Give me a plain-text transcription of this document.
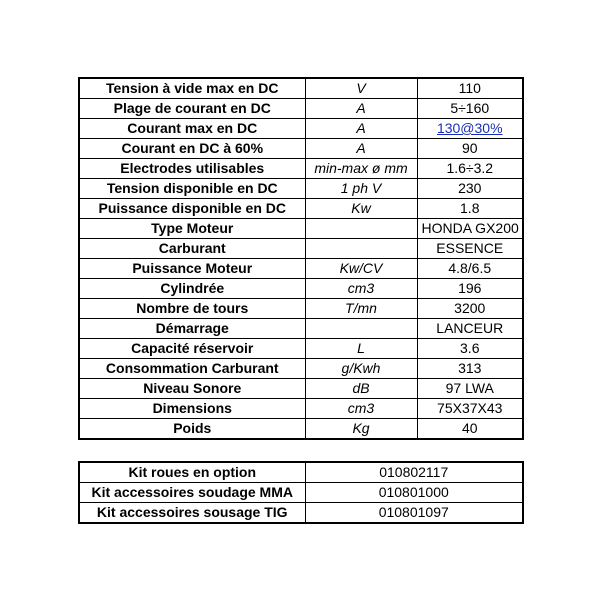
Tension à vide max en DC	V	110
Plage de courant en DC	A	5÷160
Courant max en DC	A	130@30%
Courant en DC à 60%	A	90
Electrodes utilisables	min-max ø mm	1.6÷3.2
Tension disponible en DC	1 ph V	230
Puissance disponible en DC	Kw	1.8
Type Moteur		HONDA GX200
Carburant		ESSENCE
Puissance Moteur	Kw/CV	4.8/6.5
Cylindrée	cm3	196
Nombre de tours	T/mn	3200
Démarrage		LANCEUR
Capacité réservoir	L	3.6
Consommation Carburant	g/Kwh	313
Niveau Sonore	dB	97 LWA
Dimensions	cm3	75X37X43
Poids	Kg	40
Kit roues en option	010802117
Kit accessoires soudage MMA	010801000
Kit accessoires sousage TIG	010801097
